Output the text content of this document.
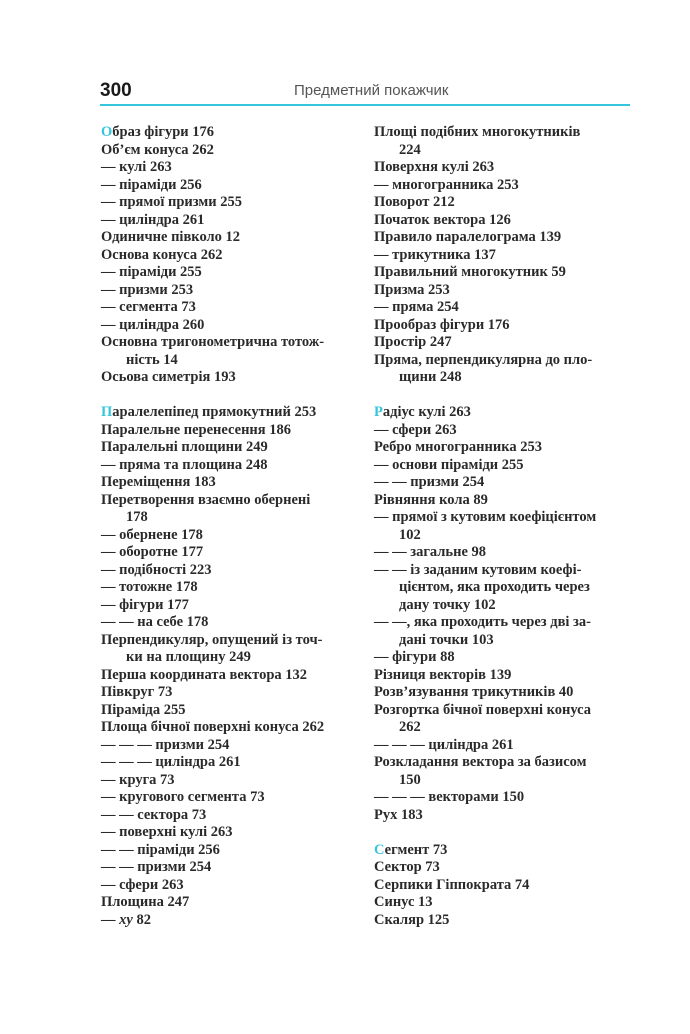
300	Предметний покажчик
Образ фігури 176
Об’єм конуса 262
— кулі 263
— піраміди 256
— прямої призми 255
— циліндра 261
Одиничне півколо 12
Основа конуса 262
— піраміди 255
— призми 253
— сегмента 73
— циліндра 260
Основна тригонометрична тотож-
ність 14
Осьова симетрія 193
Паралелепіпед прямокутний 253
Паралельне перенесення 186
Паралельні площини 249
— пряма та площина 248
Переміщення 183
Перетворення взаємно обернені
178
— обернене 178
— оборотне 177
— подібності 223
— тотожне 178
— фігури 177
— — на себе 178
Перпендикуляр, опущений із точ-
ки на площину 249
Перша координата вектора 132
Півкруг 73
Піраміда 255
Площа бічної поверхні конуса 262
— — — призми 254
— — — циліндра 261
— круга 73
— кругового сегмента 73
— — сектора 73
— поверхні кулі 263
— — піраміди 256
— — призми 254
— сфери 263
Площина 247
— xy 82
Площі подібних многокутників
224
Поверхня кулі 263
— многогранника 253
Поворот 212
Початок вектора 126
Правило паралелограма 139
— трикутника 137
Правильний многокутник 59
Призма 253
— пряма 254
Прообраз фігури 176
Простір 247
Пряма, перпендикулярна до пло-
щини 248
Радіус кулі 263
— сфери 263
Ребро многогранника 253
— основи піраміди 255
— — призми 254
Рівняння кола 89
— прямої з кутовим коефіцієнтом
102
— — загальне 98
— — із заданим кутовим коефі-
цієнтом, яка проходить через
дану точку 102
— —, яка проходить через дві за-
дані точки 103
— фігури 88
Різниця векторів 139
Розв’язування трикутників 40
Розгортка бічної поверхні конуса
262
— — — циліндра 261
Розкладання вектора за базисом
150
— — — векторами 150
Рух 183
Сегмент 73
Сектор 73
Серпики Гіппократа 74
Синус 13
Скаляр 125
